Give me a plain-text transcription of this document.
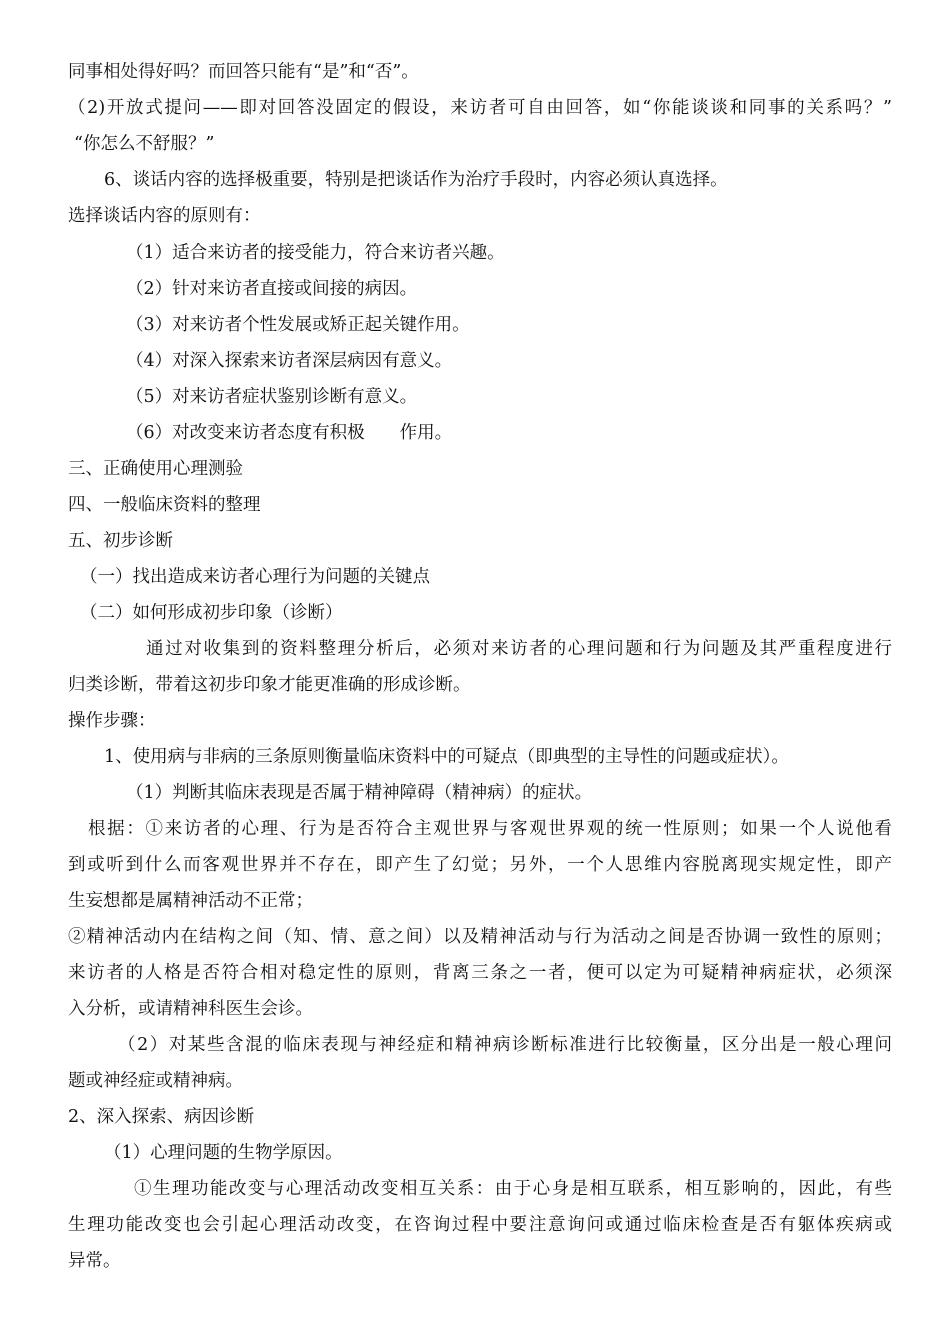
同事相处得好吗？而回答只能有“是”和“否”。
（2)开放式提问——即对回答没固定的假设，来访者可自由回答，如“你能谈谈和同事的关系吗？”
“你怎么不舒服？”
6、谈话内容的选择极重要，特别是把谈话作为治疗手段时，内容必须认真选择。
选择谈话内容的原则有：
（1）适合来访者的接受能力，符合来访者兴趣。
（2）针对来访者直接或间接的病因。
（3）对来访者个性发展或矫正起关键作用。
（4）对深入探索来访者深层病因有意义。
（5）对来访者症状鉴别诊断有意义。
（6）对改变来访者态度有积极　　作用。
三、正确使用心理测验
四、一般临床资料的整理
五、初步诊断
（一）找出造成来访者心理行为问题的关键点
（二）如何形成初步印象（诊断）
通过对收集到的资料整理分析后，必须对来访者的心理问题和行为问题及其严重程度进行
归类诊断，带着这初步印象才能更准确的形成诊断。
操作步骤：
1、使用病与非病的三条原则衡量临床资料中的可疑点（即典型的主导性的问题或症状）。
（1）判断其临床表现是否属于精神障碍（精神病）的症状。
根据：①来访者的心理、行为是否符合主观世界与客观世界观的统一性原则；如果一个人说他看
到或听到什么而客观世界并不存在，即产生了幻觉；另外，一个人思维内容脱离现实规定性，即产
生妄想都是属精神活动不正常；
②精神活动内在结构之间（知、情、意之间）以及精神活动与行为活动之间是否协调一致性的原则；
来访者的人格是否符合相对稳定性的原则，背离三条之一者，便可以定为可疑精神病症状，必须深
入分析，或请精神科医生会诊。
（2）对某些含混的临床表现与神经症和精神病诊断标准进行比较衡量，区分出是一般心理问
题或神经症或精神病。
2、深入探索、病因诊断
（1）心理问题的生物学原因。
①生理功能改变与心理活动改变相互关系：由于心身是相互联系，相互影响的，因此，有些
生理功能改变也会引起心理活动改变，在咨询过程中要注意询问或通过临床检查是否有躯体疾病或
异常。
